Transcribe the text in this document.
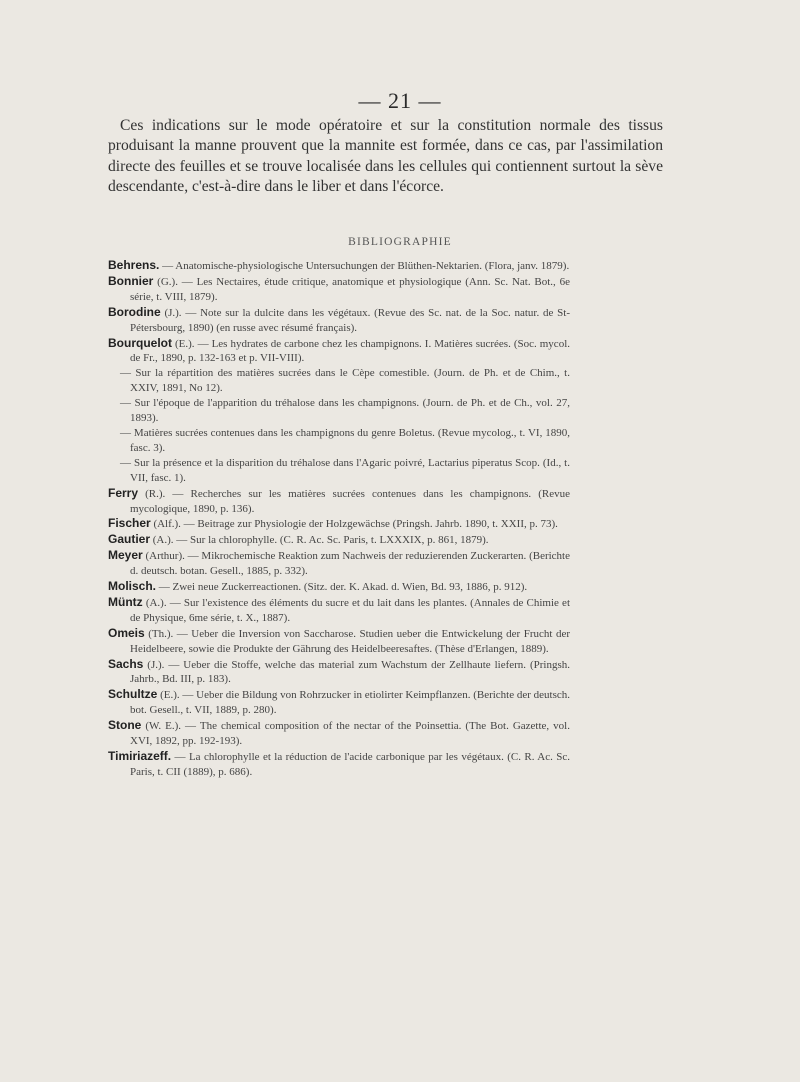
— 21 —

Ces indications sur le mode opératoire et sur la constitution normale des tissus produisant la manne prouvent que la mannite est formée, dans ce cas, par l'assimilation directe des feuilles et se trouve localisée dans les cellules qui contiennent surtout la sève descendante, c'est-à-dire dans le liber et dans l'écorce.

BIBLIOGRAPHIE

Behrens. — Anatomische-physiologische Untersuchungen der Blüthen-Nektarien. (Flora, janv. 1879).

Bonnier (G.). — Les Nectaires, étude critique, anatomique et physiologique (Ann. Sc. Nat. Bot., 6e série, t. VIII, 1879).

Borodine (J.). — Note sur la dulcite dans les végétaux. (Revue des Sc. nat. de la Soc. natur. de St-Pétersbourg, 1890) (en russe avec résumé français).

Bourquelot (E.). — Les hydrates de carbone chez les champignons. I. Matières sucrées. (Soc. mycol. de Fr., 1890, p. 132-163 et p. VII-VIII).

— Sur la répartition des matières sucrées dans le Cèpe comestible. (Journ. de Ph. et de Chim., t. XXIV, 1891, No 12).

— Sur l'époque de l'apparition du tréhalose dans les champignons. (Journ. de Ph. et de Ch., vol. 27, 1893).

— Matières sucrées contenues dans les champignons du genre Boletus. (Revue mycolog., t. VI, 1890, fasc. 3).

— Sur la présence et la disparition du tréhalose dans l'Agaric poivré, Lactarius piperatus Scop. (Id., t. VII, fasc. 1).

Ferry (R.). — Recherches sur les matières sucrées contenues dans les champignons. (Revue mycologique, 1890, p. 136).

Fischer (Alf.). — Beitrage zur Physiologie der Holzgewächse (Pringsh. Jahrb. 1890, t. XXII, p. 73).

Gautier (A.). — Sur la chlorophylle. (C. R. Ac. Sc. Paris, t. LXXXIX, p. 861, 1879).

Meyer (Arthur). — Mikrochemische Reaktion zum Nachweis der reduzierenden Zuckerarten. (Berichte d. deutsch. botan. Gesell., 1885, p. 332).

Molisch. — Zwei neue Zuckerreactionen. (Sitz. der. K. Akad. d. Wien, Bd. 93, 1886, p. 912).

Müntz (A.). — Sur l'existence des éléments du sucre et du lait dans les plantes. (Annales de Chimie et de Physique, 6me série, t. X., 1887).

Omeis (Th.). — Ueber die Inversion von Saccharose. Studien ueber die Entwickelung der Frucht der Heidelbeere, sowie die Produkte der Gährung des Heidelbeeresaftes. (Thèse d'Erlangen, 1889).

Sachs (J.). — Ueber die Stoffe, welche das material zum Wachstum der Zellhaute liefern. (Pringsh. Jahrb., Bd. III, p. 183).

Schultze (E.). — Ueber die Bildung von Rohrzucker in etiolirter Keimpflanzen. (Berichte der deutsch. bot. Gesell., t. VII, 1889, p. 280).

Stone (W. E.). — The chemical composition of the nectar of the Poinsettia. (The Bot. Gazette, vol. XVI, 1892, pp. 192-193).

Timiriazeff. — La chlorophylle et la réduction de l'acide carbonique par les végétaux. (C. R. Ac. Sc. Paris, t. CII (1889), p. 686).
